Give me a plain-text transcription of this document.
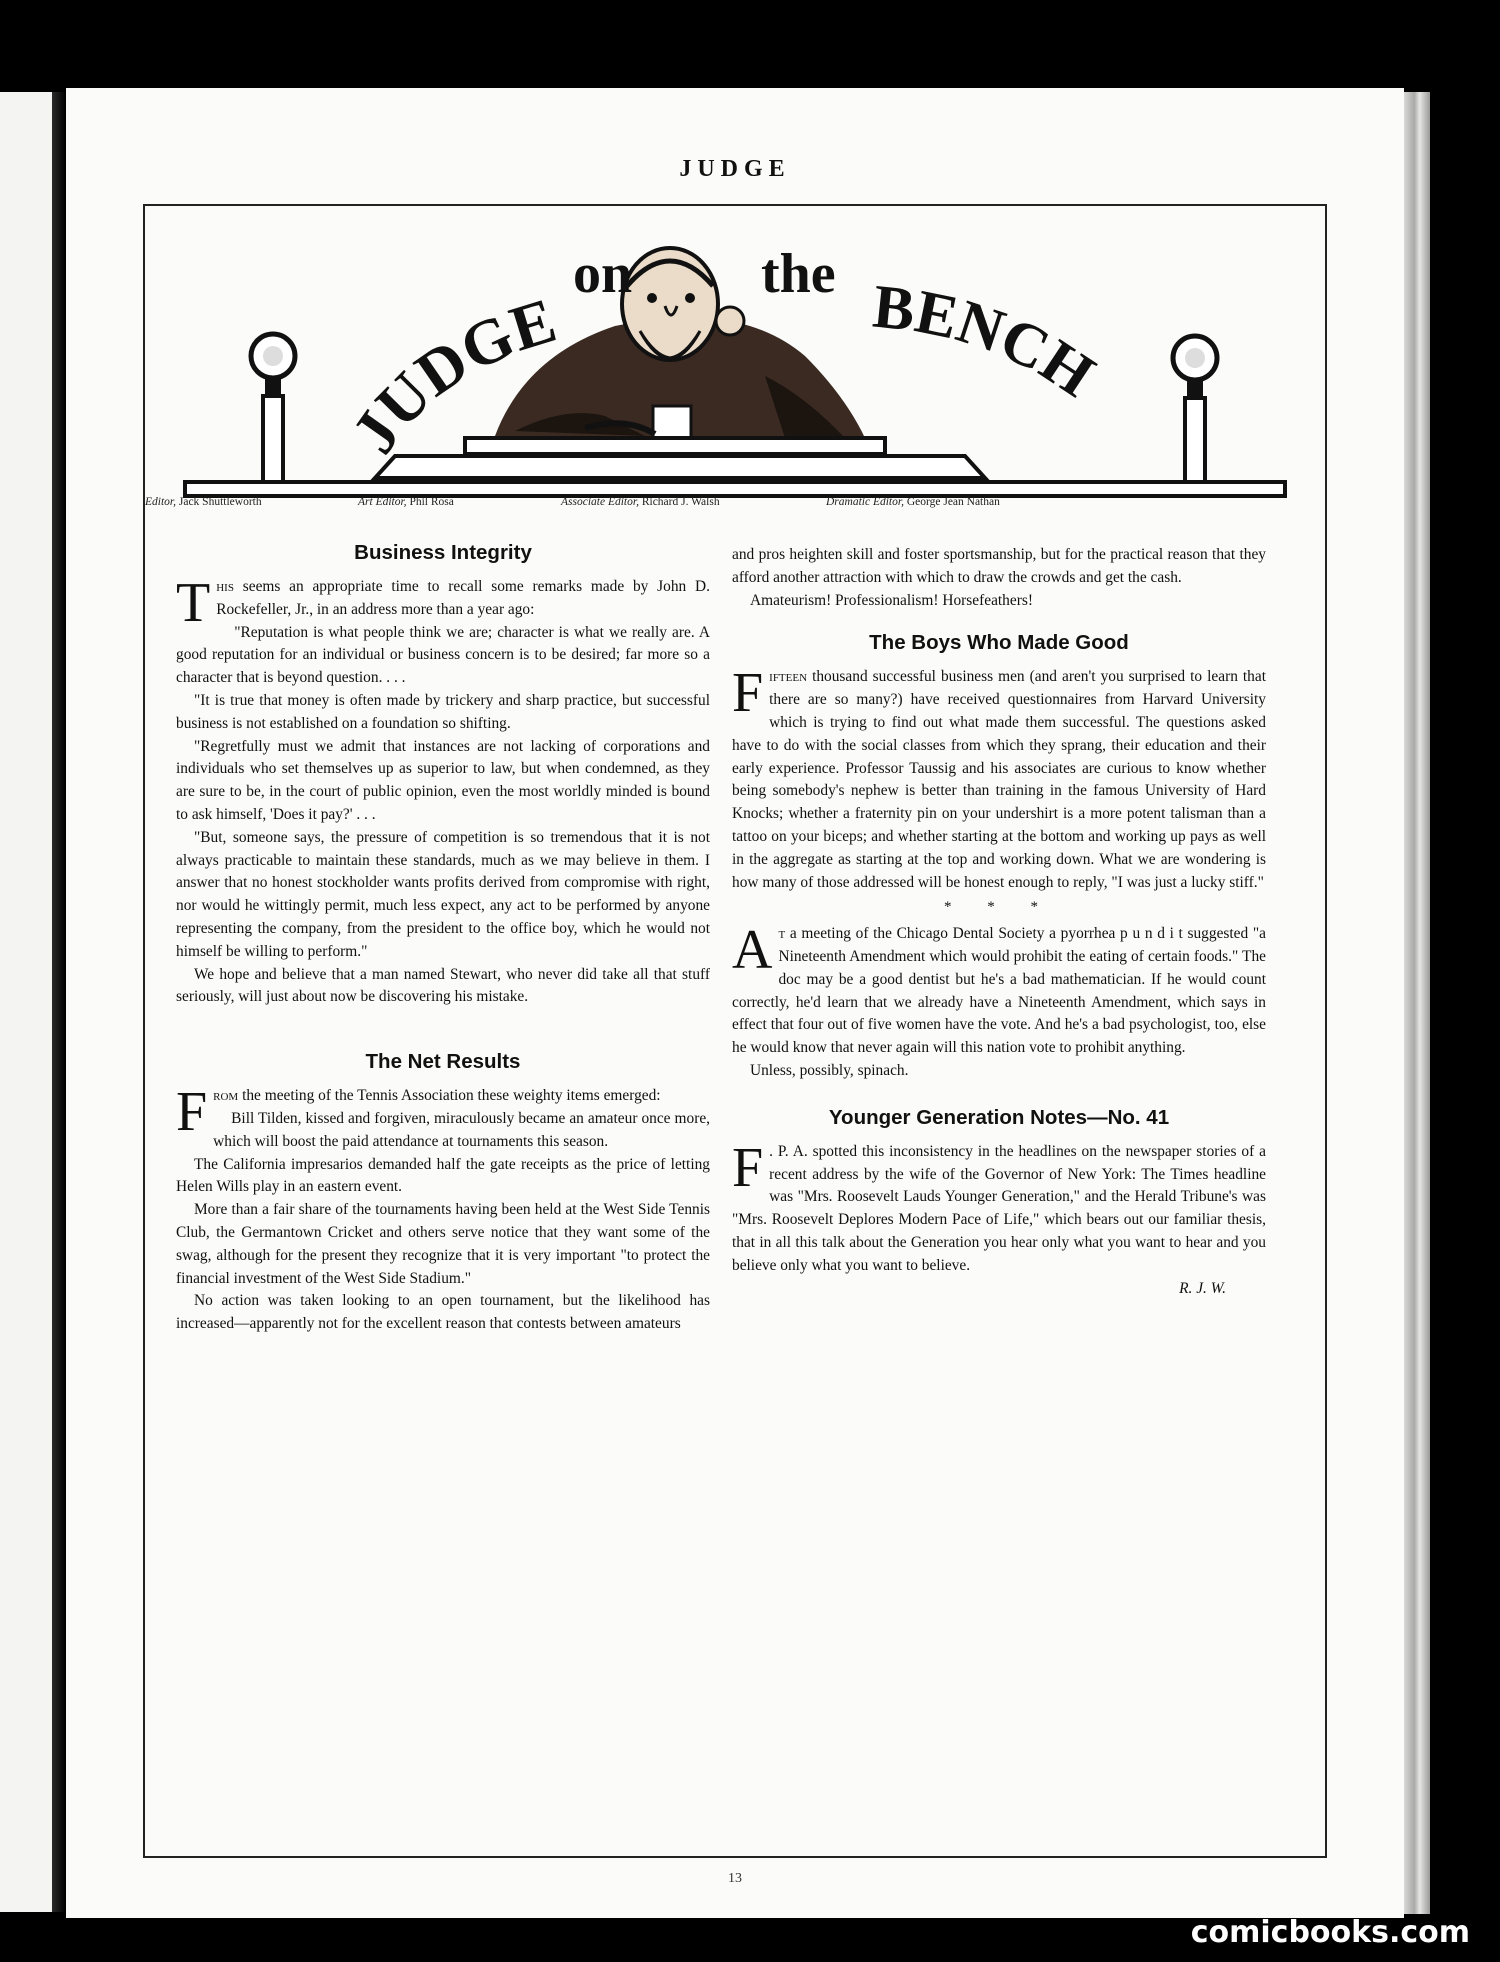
JUDGE
JUDGE
on the BENCH
Editor, Jack Shuttleworth	Art Editor, Phil Rosa	Associate Editor, Richard J. Walsh	Dramatic Editor, George Jean Nathan
Business Integrity

This seems an appropriate time to recall some remarks made by John D. Rockefeller, Jr., in an address more than a year ago:

"Reputation is what people think we are; character is what we really are. A good reputation for an individual or business concern is to be desired; far more so a character that is beyond question. . . .

"It is true that money is often made by trickery and sharp practice, but successful business is not established on a foundation so shifting.

"Regretfully must we admit that instances are not lacking of corporations and individuals who set themselves up as superior to law, but when condemned, as they are sure to be, in the court of public opinion, even the most worldly minded is bound to ask himself, 'Does it pay?' . . .

"But, someone says, the pressure of competition is so tremendous that it is not always practicable to maintain these standards, much as we may believe in them. I answer that no honest stockholder wants profits derived from compromise with right, nor would he wittingly permit, much less expect, any act to be performed by anyone representing the company, from the president to the office boy, which he would not himself be willing to perform."

We hope and believe that a man named Stewart, who never did take all that stuff seriously, will just about now be discovering his mistake.

The Net Results

From the meeting of the Tennis Association these weighty items emerged:

Bill Tilden, kissed and forgiven, miraculously became an amateur once more, which will boost the paid attendance at tournaments this season.

The California impresarios demanded half the gate receipts as the price of letting Helen Wills play in an eastern event.

More than a fair share of the tournaments having been held at the West Side Tennis Club, the Germantown Cricket and others serve notice that they want some of the swag, although for the present they recognize that it is very important "to protect the financial investment of the West Side Stadium."

No action was taken looking to an open tournament, but the likelihood has increased—apparently not for the excellent reason that contests between amateurs

and pros heighten skill and foster sportsmanship, but for the practical reason that they afford another attraction with which to draw the crowds and get the cash.

Amateurism! Professionalism! Horsefeathers!

The Boys Who Made Good

Fifteen thousand successful business men (and aren't you surprised to learn that there are so many?) have received questionnaires from Harvard University which is trying to find out what made them successful. The questions asked have to do with the social classes from which they sprang, their education and their early experience. Professor Taussig and his associates are curious to know whether being somebody's nephew is better than training in the famous University of Hard Knocks; whether a fraternity pin on your undershirt is a more potent talisman than a tattoo on your biceps; and whether starting at the bottom and working up pays as well in the aggregate as starting at the top and working down. What we are wondering is how many of those addressed will be honest enough to reply, "I was just a lucky stiff."

* * *

At a meeting of the Chicago Dental Society a pyorrhea p u n d i t suggested "a Nineteenth Amendment which would prohibit the eating of certain foods." The doc may be a good dentist but he's a bad mathematician. If he would count correctly, he'd learn that we already have a Nineteenth Amendment, which says in effect that four out of five women have the vote. And he's a bad psychologist, too, else he would know that never again will this nation vote to prohibit anything.

Unless, possibly, spinach.

Younger Generation Notes—No. 41

F . P. A. spotted this inconsistency in the headlines on the newspaper stories of a recent address by the wife of the Governor of New York: The Times headline was "Mrs. Roosevelt Lauds Younger Generation," and the Herald Tribune's was "Mrs. Roosevelt Deplores Modern Pace of Life," which bears out our familiar thesis, that in all this talk about the Generation you hear only what you want to hear and you believe only what you want to believe.

R. J. W.
13
comicbooks.com
